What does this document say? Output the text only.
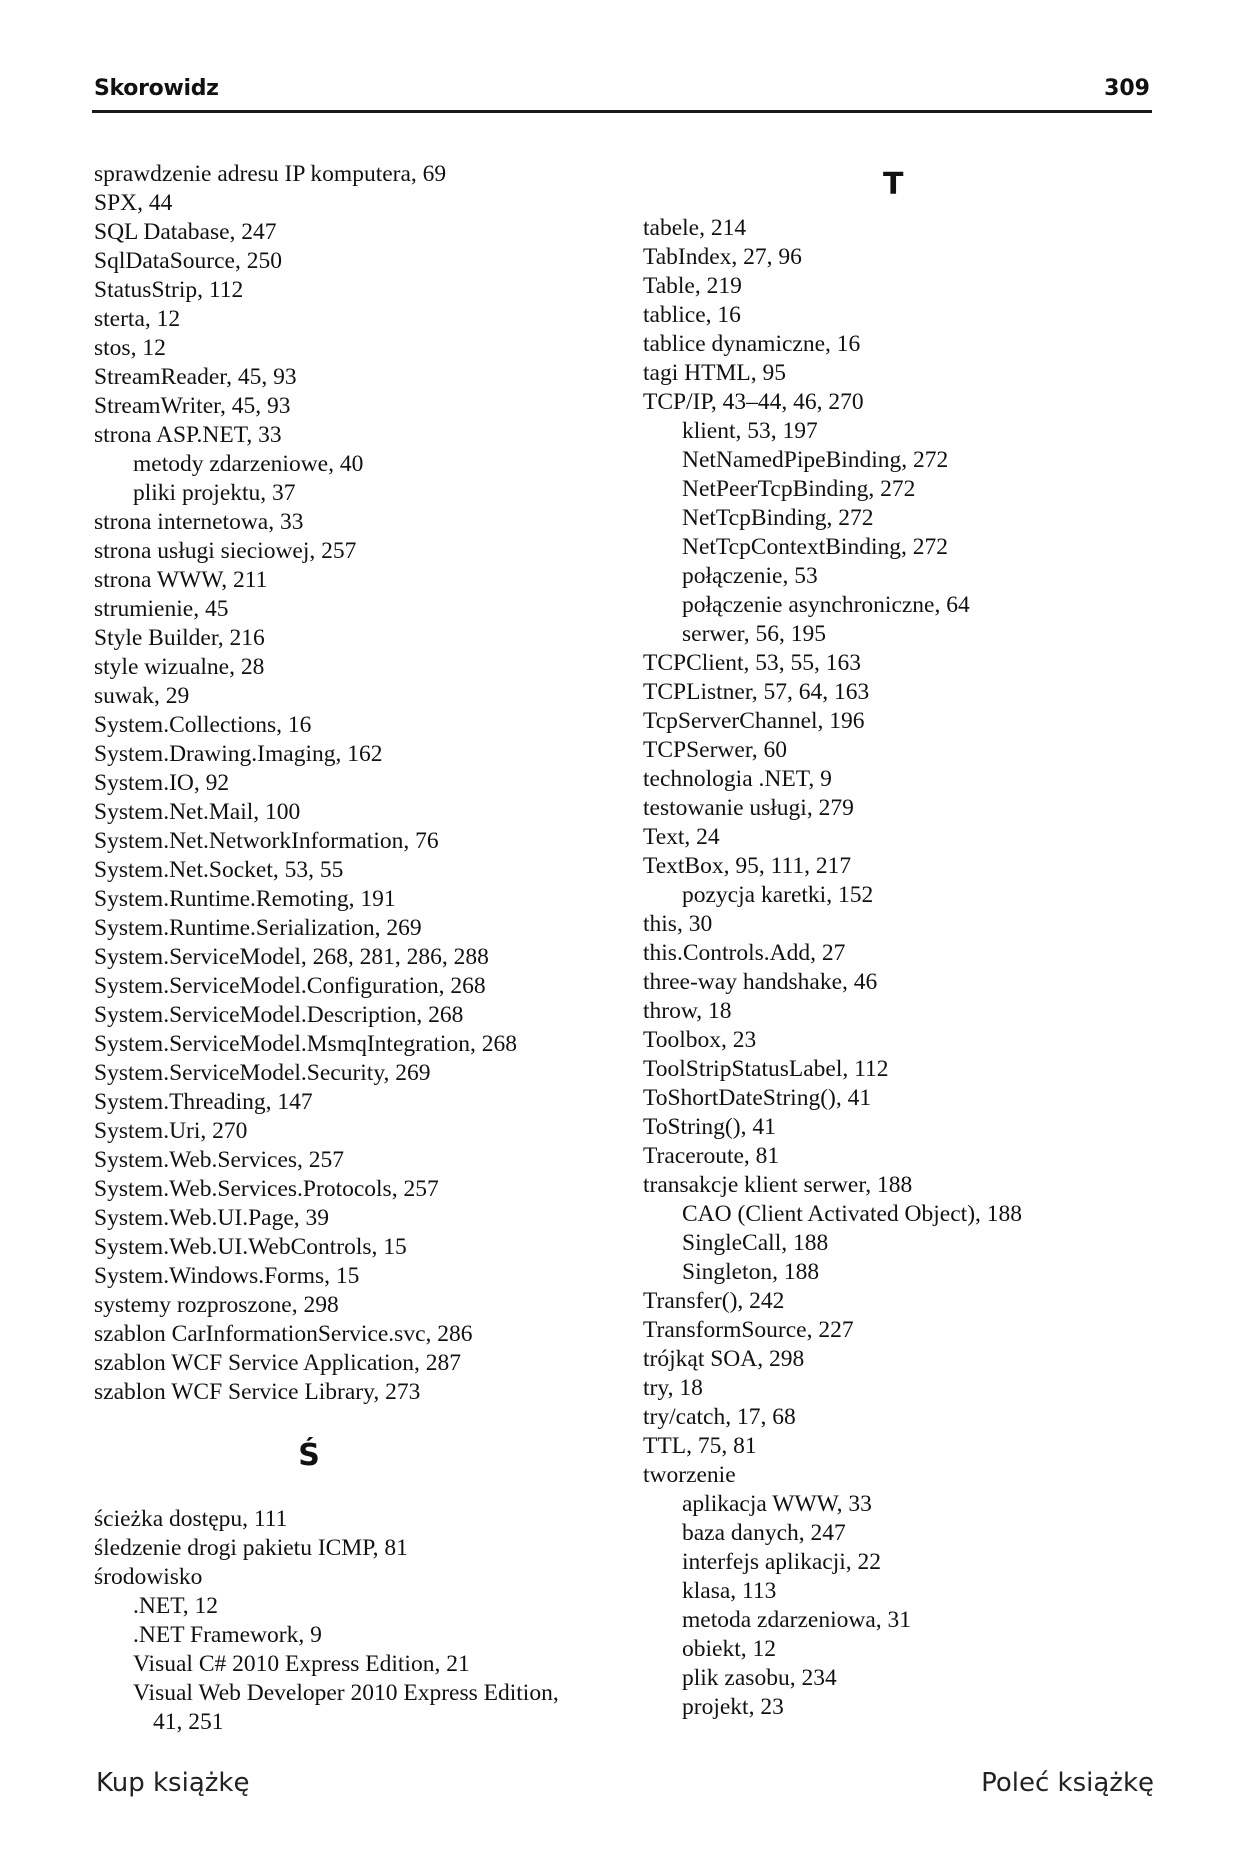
Skorowidz	309
sprawdzenie adresu IP komputera, 69
SPX, 44
SQL Database, 247
SqlDataSource, 250
StatusStrip, 112
sterta, 12
stos, 12
StreamReader, 45, 93
StreamWriter, 45, 93
strona ASP.NET, 33
metody zdarzeniowe, 40
pliki projektu, 37
strona internetowa, 33
strona usługi sieciowej, 257
strona WWW, 211
strumienie, 45
Style Builder, 216
style wizualne, 28
suwak, 29
System.Collections, 16
System.Drawing.Imaging, 162
System.IO, 92
System.Net.Mail, 100
System.Net.NetworkInformation, 76
System.Net.Socket, 53, 55
System.Runtime.Remoting, 191
System.Runtime.Serialization, 269
System.ServiceModel, 268, 281, 286, 288
System.ServiceModel.Configuration, 268
System.ServiceModel.Description, 268
System.ServiceModel.MsmqIntegration, 268
System.ServiceModel.Security, 269
System.Threading, 147
System.Uri, 270
System.Web.Services, 257
System.Web.Services.Protocols, 257
System.Web.UI.Page, 39
System.Web.UI.WebControls, 15
System.Windows.Forms, 15
systemy rozproszone, 298
szablon CarInformationService.svc, 286
szablon WCF Service Application, 287
szablon WCF Service Library, 273
Ś
ścieżka dostępu, 111
śledzenie drogi pakietu ICMP, 81
środowisko
.NET, 12
.NET Framework, 9
Visual C# 2010 Express Edition, 21
Visual Web Developer 2010 Express Edition,
41, 251
T
tabele, 214
TabIndex, 27, 96
Table, 219
tablice, 16
tablice dynamiczne, 16
tagi HTML, 95
TCP/IP, 43–44, 46, 270
klient, 53, 197
NetNamedPipeBinding, 272
NetPeerTcpBinding, 272
NetTcpBinding, 272
NetTcpContextBinding, 272
połączenie, 53
połączenie asynchroniczne, 64
serwer, 56, 195
TCPClient, 53, 55, 163
TCPListner, 57, 64, 163
TcpServerChannel, 196
TCPSerwer, 60
technologia .NET, 9
testowanie usługi, 279
Text, 24
TextBox, 95, 111, 217
pozycja karetki, 152
this, 30
this.Controls.Add, 27
three-way handshake, 46
throw, 18
Toolbox, 23
ToolStripStatusLabel, 112
ToShortDateString(), 41
ToString(), 41
Traceroute, 81
transakcje klient serwer, 188
CAO (Client Activated Object), 188
SingleCall, 188
Singleton, 188
Transfer(), 242
TransformSource, 227
trójkąt SOA, 298
try, 18
try/catch, 17, 68
TTL, 75, 81
tworzenie
aplikacja WWW, 33
baza danych, 247
interfejs aplikacji, 22
klasa, 113
metoda zdarzeniowa, 31
obiekt, 12
plik zasobu, 234
projekt, 23
Kup książkę	Poleć książkę
